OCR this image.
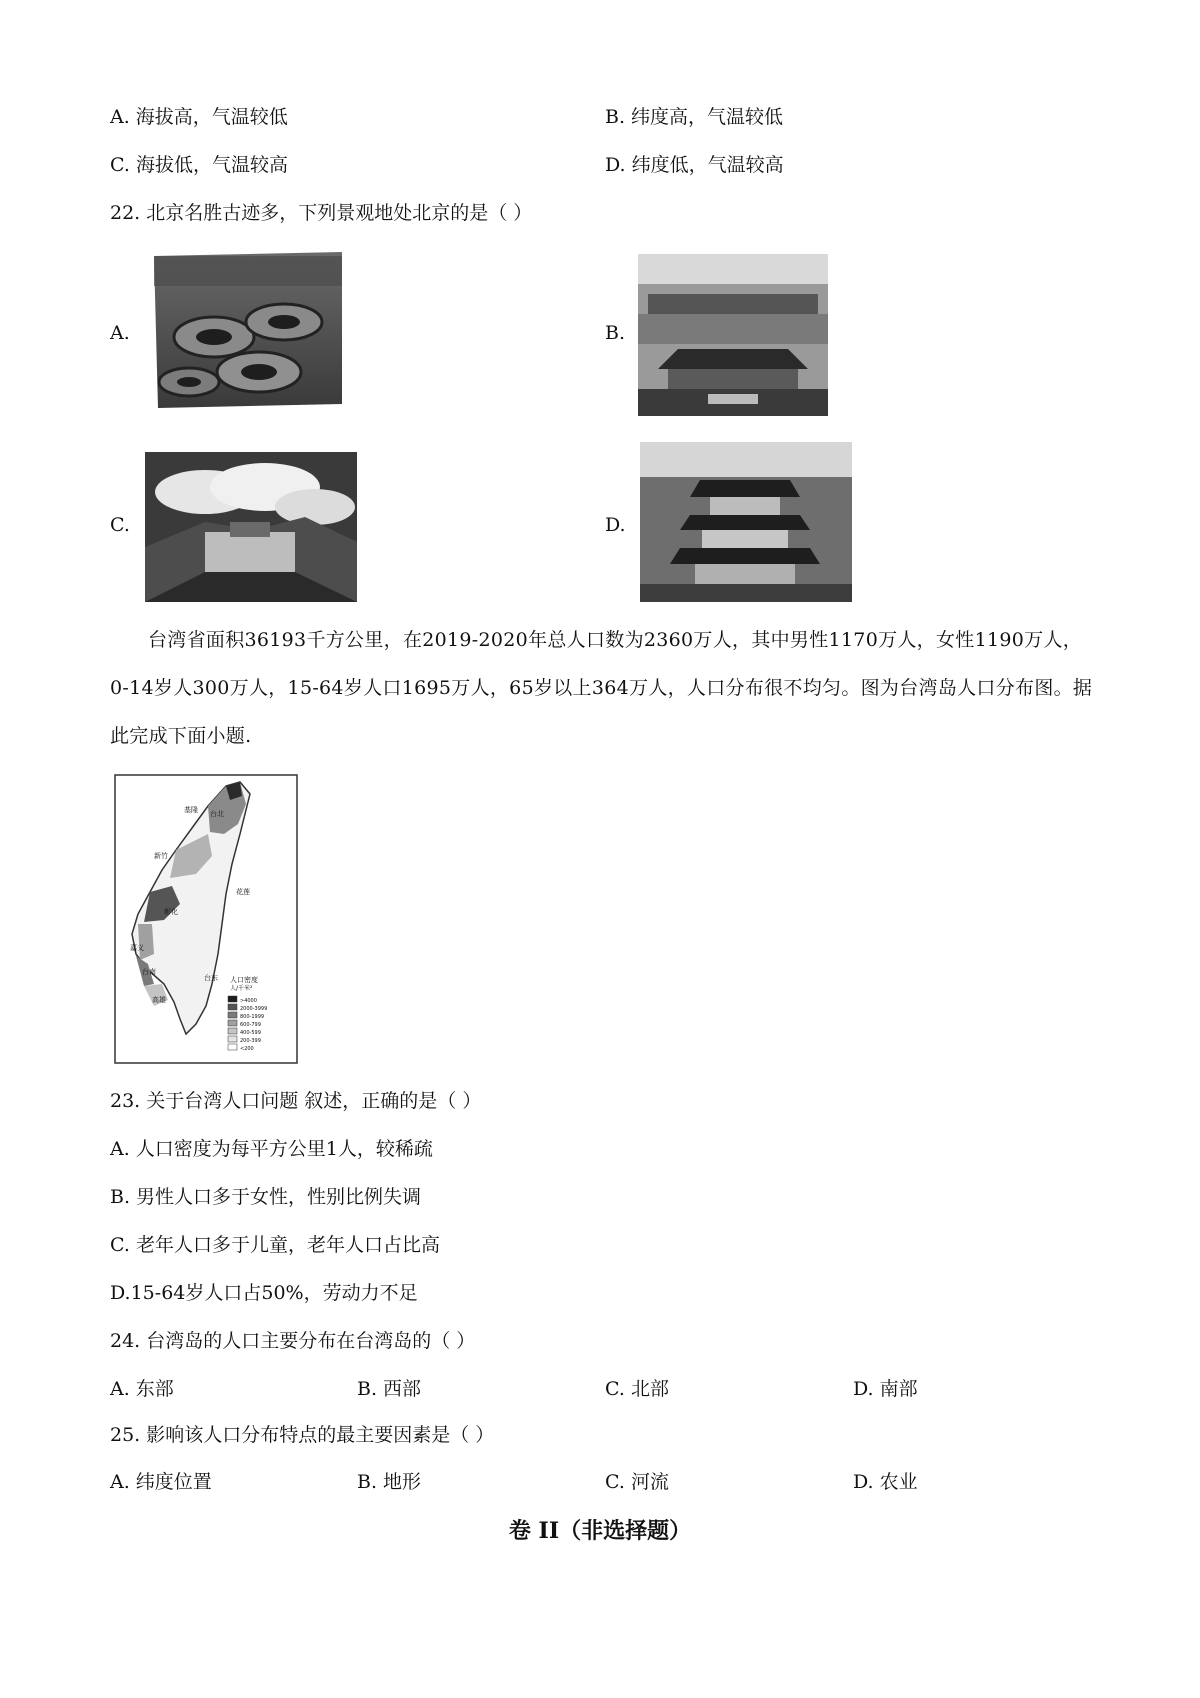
A. 海拔高，气温较低	B. 纬度高，气温较低
C. 海拔低，气温较高	D. 纬度低，气温较高
22. 北京名胜古迹多，下列景观地处北京的是（ ）
A.	B.
C.	D.
台湾省面积36193千方公里，在2019-2020年总人口数为2360万人，其中男性1170万人，女性1190万人，0-14岁人300万人，15-64岁人口1695万人，65岁以上364万人，人口分布很不均匀。图为台湾岛人口分布图。据此完成下面小题.
台北
基隆
新竹
彰化
花莲
嘉义
台南
高雄
台东 人口密度
人/千米²
>4000
2000-3999
800-1999
600-799
400-599
200-399
<200
23. 关于台湾人口问题 叙述，正确的是（ ）
A. 人口密度为每平方公里1人，较稀疏
B. 男性人口多于女性，性别比例失调
C. 老年人口多于儿童，老年人口占比高
D.15-64岁人口占50%，劳动力不足
24. 台湾岛的人口主要分布在台湾岛的（ ）
A. 东部	B. 西部	C. 北部	D. 南部
25. 影响该人口分布特点的最主要因素是（ ）
A. 纬度位置	B. 地形	C. 河流	D. 农业
卷 II（非选择题）
